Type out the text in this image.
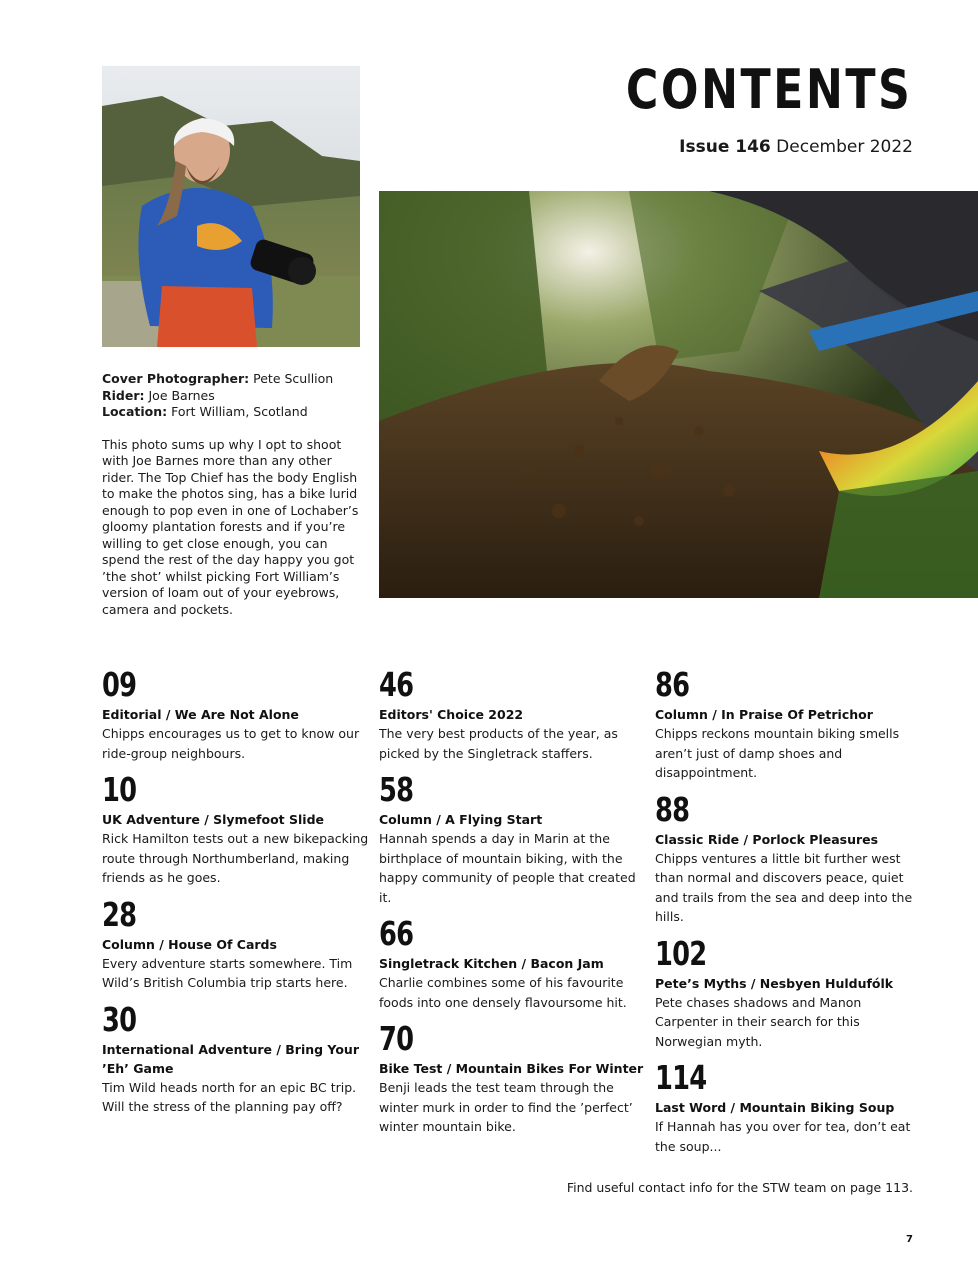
CONTENTS
Issue 146 December 2022
Cover Photographer: Pete Scullion
Rider: Joe Barnes
Location: Fort William, Scotland

This photo sums up why I opt to shoot with Joe Barnes more than any other rider. The Top Chief has the body English to make the photos sing, has a bike lurid enough to pop even in one of Lochaber’s gloomy plantation forests and if you’re willing to get close enough, you can spend the rest of the day happy you got ’the shot’ whilst picking Fort William’s version of loam out of your eyebrows, camera and pockets.

09
Editorial / We Are Not Alone
Chipps encourages us to get to know our ride-group neighbours.
10
UK Adventure / Slymefoot Slide
Rick Hamilton tests out a new bikepacking route through Northumberland, making friends as he goes.
28
Column / House Of Cards
Every adventure starts somewhere. Tim Wild’s British Columbia trip starts here.
30
International Adventure / Bring Your ’Eh’ Game
Tim Wild heads north for an epic BC trip. Will the stress of the planning pay off?
46
Editors' Choice 2022
The very best products of the year, as picked by the Singletrack staffers.
58
Column / A Flying Start
Hannah spends a day in Marin at the birthplace of mountain biking, with the happy community of people that created it.
66
Singletrack Kitchen / Bacon Jam
Charlie combines some of his favourite foods into one densely flavoursome hit.
70
Bike Test / Mountain Bikes For Winter
Benji leads the test team through the winter murk in order to find the ’perfect’ winter mountain bike.
86
Column / In Praise Of Petrichor
Chipps reckons mountain biking smells aren’t just of damp shoes and disappointment.
88
Classic Ride / Porlock Pleasures
Chipps ventures a little bit further west than normal and discovers peace, quiet and trails from the sea and deep into the hills.
102
Pete’s Myths / Nesbyen Huldufólk
Pete chases shadows and Manon Carpenter in their search for this Norwegian myth.
114
Last Word / Mountain Biking Soup
If Hannah has you over for tea, don’t eat the soup...
Find useful contact info for the STW team on page 113.
7
